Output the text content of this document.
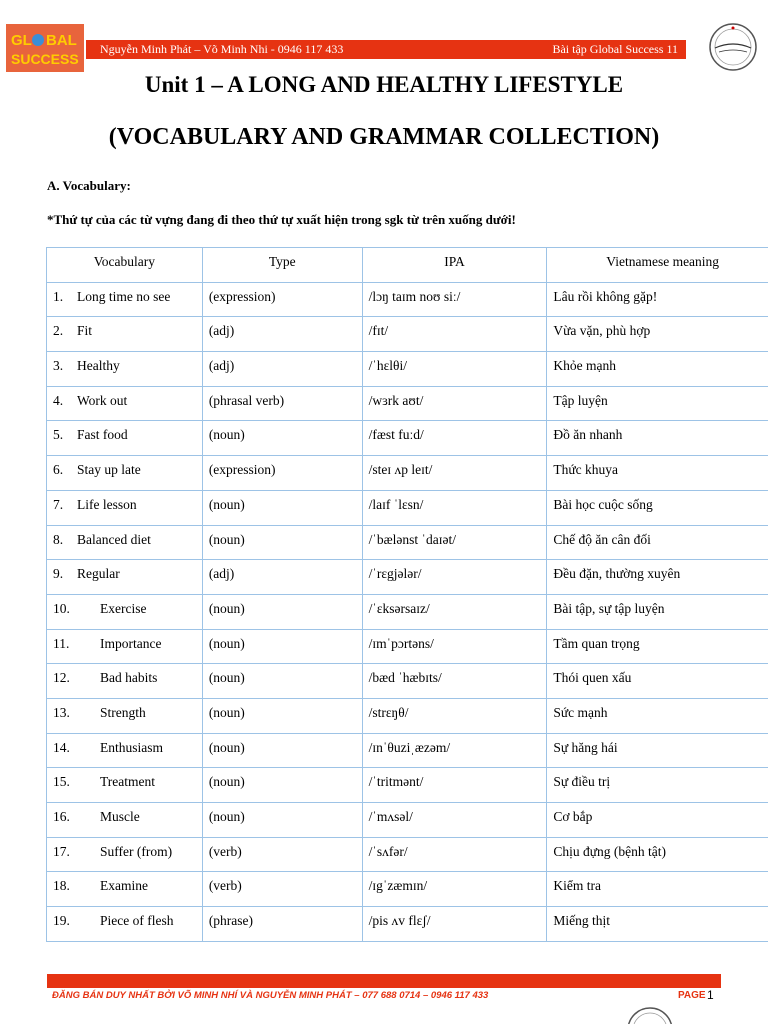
GL BAL
SUCCESS
Nguyễn Minh Phát – Võ Minh Nhi - 0946 117 433	Bài tập Global Success 11
Unit 1 – A LONG AND HEALTHY LIFESTYLE
(VOCABULARY AND GRAMMAR COLLECTION)
A. Vocabulary:
*Thứ tự của các từ vựng đang đi theo thứ tự xuất hiện trong sgk từ trên xuống dưới!
Vocabulary	Type	IPA	Vietnamese meaning
1. Long time no see	(expression)	/lɔŋ taɪm noʊ siː/	Lâu rồi không gặp!
2. Fit	(adj)	/fɪt/	Vừa vặn, phù hợp
3. Healthy	(adj)	/ˈhɛlθi/	Khỏe mạnh
4. Work out	(phrasal verb)	/wɜrk aʊt/	Tập luyện
5. Fast food	(noun)	/fæst fuːd/	Đồ ăn nhanh
6. Stay up late	(expression)	/steɪ ʌp leɪt/	Thức khuya
7. Life lesson	(noun)	/laɪf ˈlɛsn/	Bài học cuộc sống
8. Balanced diet	(noun)	/ˈbælənst ˈdaɪət/	Chế độ ăn cân đối
9. Regular	(adj)	/ˈrɛgjələr/	Đều đặn, thường xuyên
10. Exercise	(noun)	/ˈɛksərsaɪz/	Bài tập, sự tập luyện
11. Importance	(noun)	/ɪmˈpɔrtəns/	Tầm quan trọng
12. Bad habits	(noun)	/bæd ˈhæbɪts/	Thói quen xấu
13. Strength	(noun)	/strɛŋθ/	Sức mạnh
14. Enthusiasm	(noun)	/ɪnˈθuziˌæzəm/	Sự hăng hái
15. Treatment	(noun)	/ˈtritmənt/	Sự điều trị
16. Muscle	(noun)	/ˈmʌsəl/	Cơ bắp
17. Suffer (from)	(verb)	/ˈsʌfər/	Chịu đựng (bệnh tật)
18. Examine	(verb)	/ɪgˈzæmɪn/	Kiểm tra
19. Piece of flesh	(phrase)	/pis ʌv flɛʃ/	Miếng thịt
ĐĂNG BÁN DUY NHẤT BỞI VÕ MINH NHÍ VÀ NGUYỄN MINH PHÁT – 077 688 0714 – 0946 117 433	PAGE 1
